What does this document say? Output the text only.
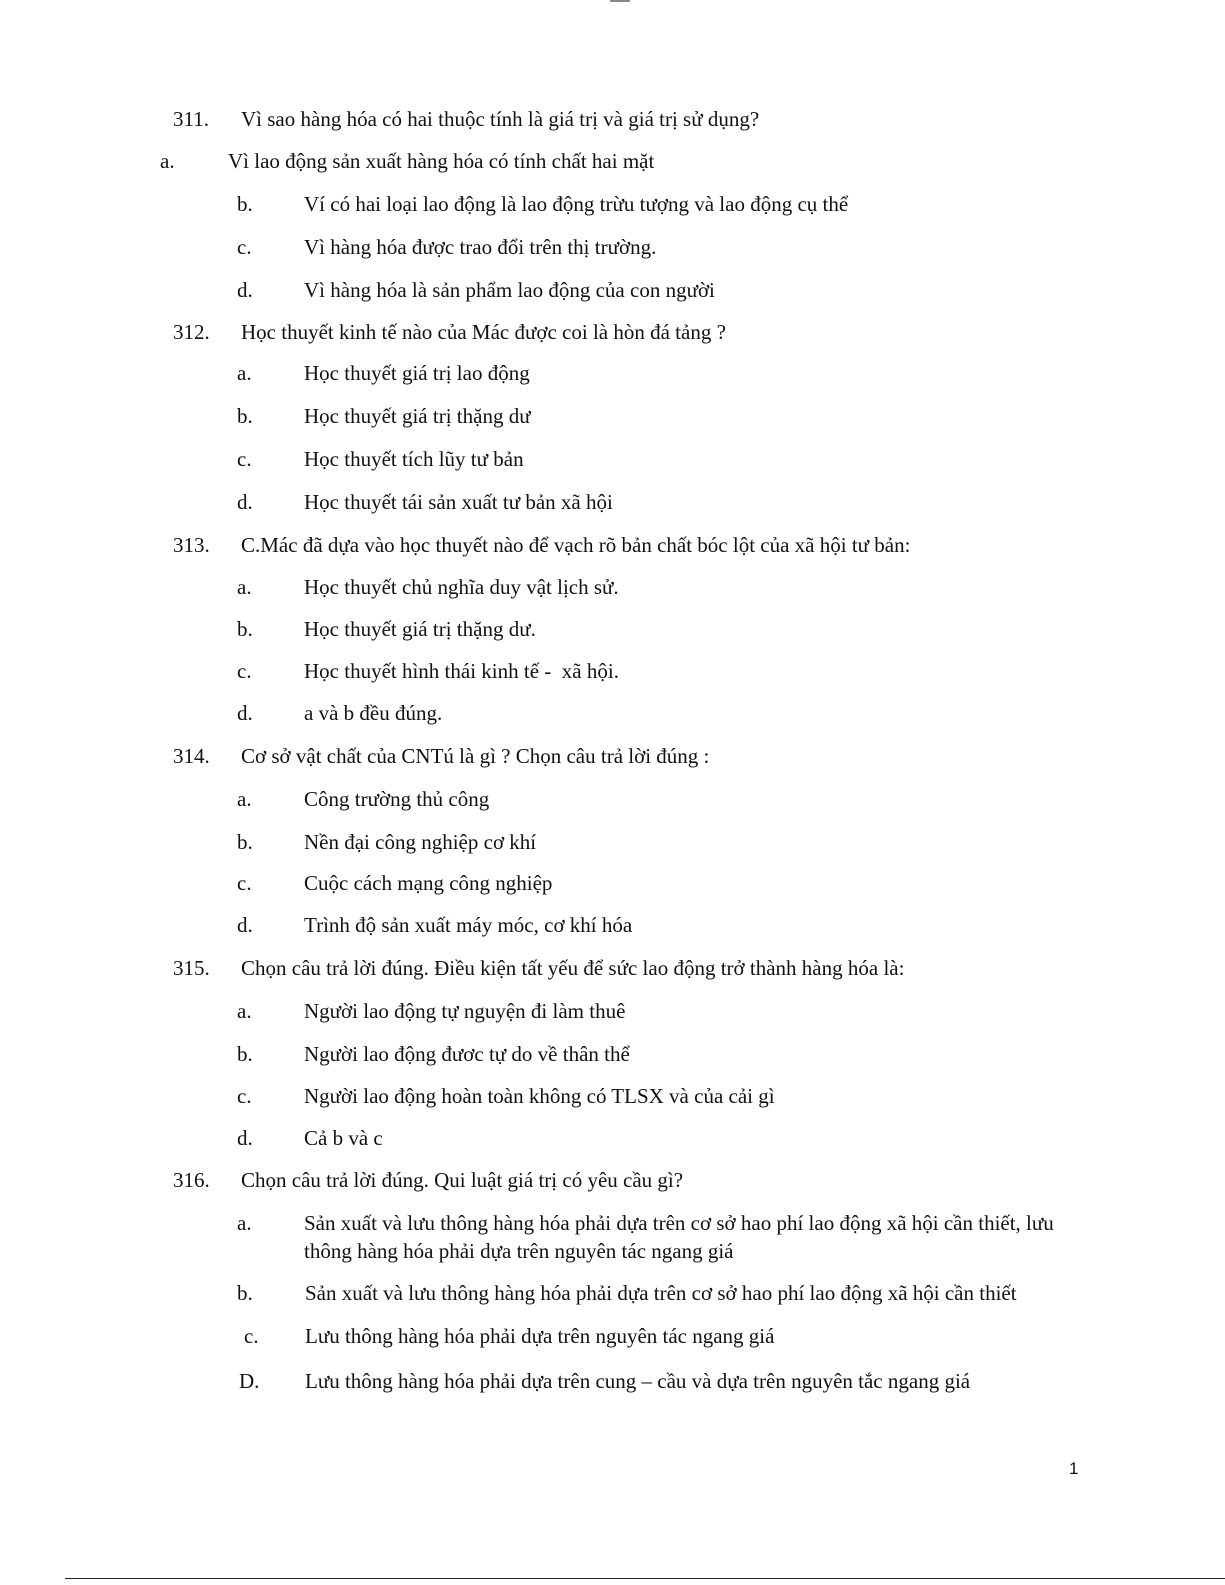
311. Vì sao hàng hóa có hai thuộc tính là giá trị và giá trị sử dụng?
a.	Vì lao động sản xuất hàng hóa có tính chất hai mặt
b. Ví có hai loại lao động là lao động trừu tượng và lao động cụ thể
c. Vì hàng hóa được trao đổi trên thị trường.
d. Vì hàng hóa là sản phẩm lao động của con người
312. Học thuyết kinh tế nào của Mác được coi là hòn đá tảng ?
a. Học thuyết giá trị lao động
b. Học thuyết giá trị thặng dư
c. Học thuyết tích lũy tư bản
d. Học thuyết tái sản xuất tư bản xã hội
313. C.Mác đã dựa vào học thuyết nào để vạch rõ bản chất bóc lột của xã hội tư bản:
a. Học thuyết chủ nghĩa duy vật lịch sử.
b. Học thuyết giá trị thặng dư.
c. Học thuyết hình thái kinh tế -  xã hội.
d. a và b đều đúng.
314. Cơ sở vật chất của CNTú là gì ? Chọn câu trả lời đúng :
a. Công trường thủ công
b. Nền đại công nghiệp cơ khí
c. Cuộc cách mạng công nghiệp
d. Trình độ sản xuất máy móc, cơ khí hóa
315. Chọn câu trả lời đúng. Điều kiện tất yếu để sức lao động trở thành hàng hóa là:
a. Người lao động tự nguyện đi làm thuê
b. Người lao động đươc tự do về thân thể
c. Người lao động hoàn toàn không có TLSX và của cải gì
d. Cả b và c
316. Chọn câu trả lời đúng. Qui luật giá trị có yêu cầu gì?
a. Sản xuất và lưu thông hàng hóa phải dựa trên cơ sở hao phí lao động xã hội cần thiết, lưu thông hàng hóa phải dựa trên nguyên tác ngang giá
b. Sản xuất và lưu thông hàng hóa phải dựa trên cơ sở hao phí lao động xã hội cần thiết
c. Lưu thông hàng hóa phải dựa trên nguyên tác ngang giá
D. Lưu thông hàng hóa phải dựa trên cung – cầu và dựa trên nguyên tắc ngang giá
1
